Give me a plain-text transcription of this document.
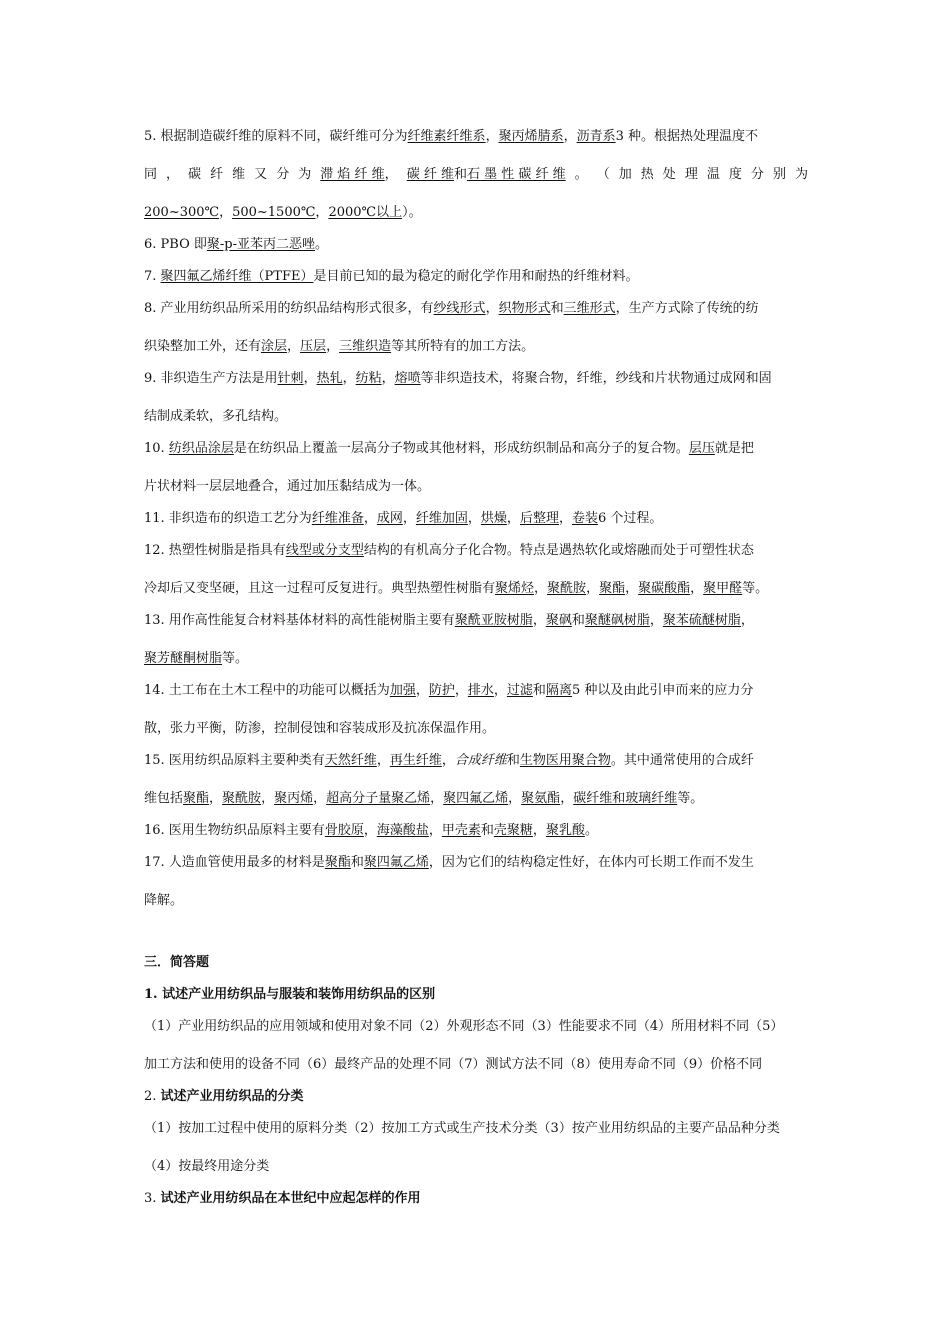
5. 根据制造碳纤维的原料不同，碳纤维可分为纤维素纤维系，聚丙烯腈系，沥青系3 种。根据热处理温度不

同 ， 碳 纤 维 又 分 为 滞 焰 纤 维， 碳 纤 维和石 墨 性 碳 纤 维 。 （ 加 热 处 理 温 度 分 别 为

200~300℃，500~1500℃，2000℃以上）。

6. PBO 即聚-p-亚苯丙二恶唑。

7. 聚四氟乙烯纤维（PTFE）是目前已知的最为稳定的耐化学作用和耐热的纤维材料。

8. 产业用纺织品所采用的纺织品结构形式很多，有纱线形式，织物形式和三维形式，生产方式除了传统的纺

织染整加工外，还有涂层，压层，三维织造等其所特有的加工方法。

9. 非织造生产方法是用针刺，热轧，纺粘，熔喷等非织造技术，将聚合物，纤维，纱线和片状物通过成网和固

结制成柔软，多孔结构。

10. 纺织品涂层是在纺织品上覆盖一层高分子物或其他材料，形成纺织制品和高分子的复合物。层压就是把

片状材料一层层地叠合，通过加压黏结成为一体。

11. 非织造布的织造工艺分为纤维准备，成网，纤维加固，烘燥，后整理，卷装6 个过程。

12. 热塑性树脂是指具有线型或分支型结构的有机高分子化合物。特点是遇热软化或熔融而处于可塑性状态

冷却后又变坚硬，且这一过程可反复进行。典型热塑性树脂有聚烯烃，聚酰胺，聚酯，聚碳酸酯，聚甲醛等。

13. 用作高性能复合材料基体材料的高性能树脂主要有聚酰亚胺树脂，聚砜和聚醚砜树脂，聚苯硫醚树脂，

聚芳醚酮树脂等。

14. 土工布在土木工程中的功能可以概括为加强，防护，排水，过滤和隔离5 种以及由此引申而来的应力分

散，张力平衡，防渗，控制侵蚀和容装成形及抗冻保温作用。

15. 医用纺织品原料主要种类有天然纤维，再生纤维，合成纤维和生物医用聚合物。其中通常使用的合成纤

维包括聚酯，聚酰胺，聚丙烯，超高分子量聚乙烯，聚四氟乙烯，聚氨酯，碳纤维和玻璃纤维等。

16. 医用生物纺织品原料主要有骨胶原，海藻酸盐，甲壳素和壳聚糖，聚乳酸。

17. 人造血管使用最多的材料是聚酯和聚四氟乙烯，因为它们的结构稳定性好，在体内可长期工作而不发生

降解。

三．简答题

1. 试述产业用纺织品与服装和装饰用纺织品的区别

（1）产业用纺织品的应用领域和使用对象不同（2）外观形态不同（3）性能要求不同（4）所用材料不同（5）

加工方法和使用的设备不同（6）最终产品的处理不同（7）测试方法不同（8）使用寿命不同（9）价格不同

2. 试述产业用纺织品的分类

（1）按加工过程中使用的原料分类（2）按加工方式或生产技术分类（3）按产业用纺织品的主要产品品种分类

（4）按最终用途分类

3. 试述产业用纺织品在本世纪中应起怎样的作用
